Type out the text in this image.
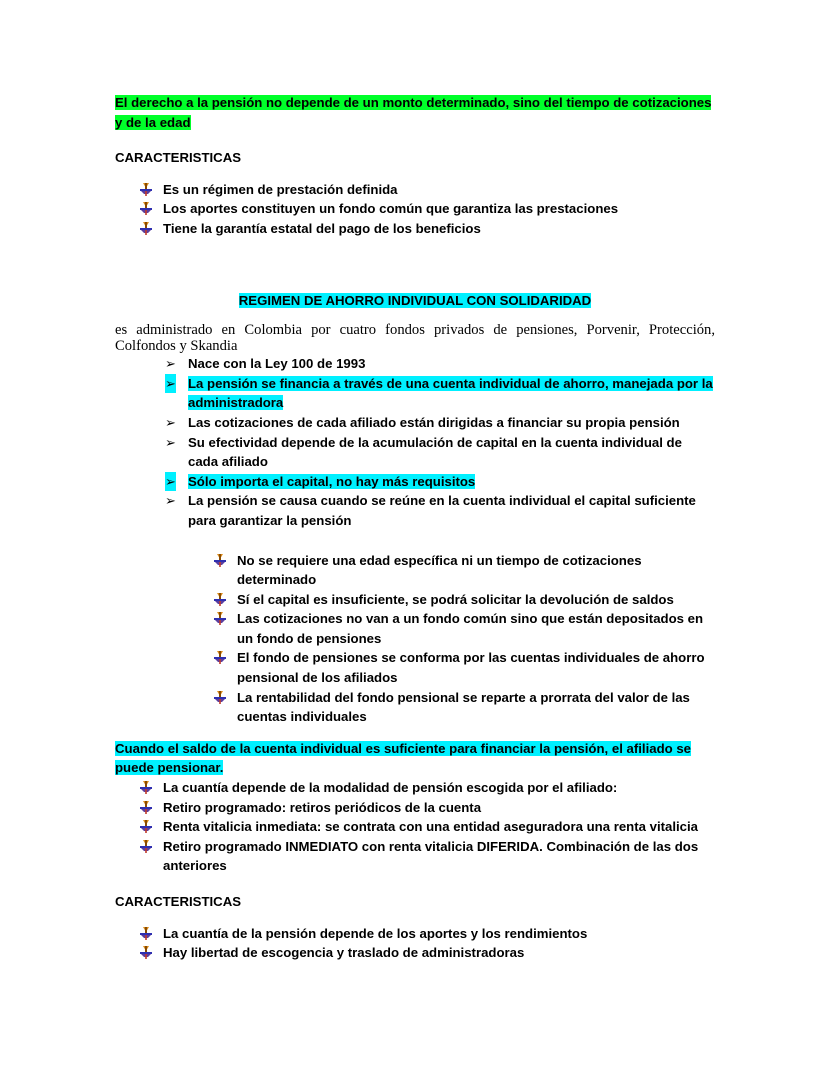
El derecho a la pensión no depende de un monto determinado, sino del tiempo de cotizaciones y de la edad

CARACTERISTICAS

Es un régimen de prestación definida
Los aportes constituyen un fondo común que garantiza las prestaciones
Tiene la garantía estatal del pago de los beneficios

REGIMEN DE AHORRO INDIVIDUAL CON SOLIDARIDAD

es administrado en Colombia por cuatro fondos privados de pensiones, Porvenir, Protección, Colfondos y Skandia

➢ Nace con la Ley 100 de 1993
➢ La pensión se financia a través de una cuenta individual de ahorro, manejada por la administradora
➢ Las cotizaciones de cada afiliado están dirigidas a financiar su propia pensión
➢ Su efectividad depende de la acumulación de capital en la cuenta individual de cada afiliado
➢ Sólo importa el capital, no hay más requisitos
➢ La pensión se causa cuando se reúne en la cuenta individual el capital suficiente para garantizar la pensión
No se requiere una edad específica ni un tiempo de cotizaciones determinado
Sí el capital es insuficiente, se podrá solicitar la devolución de saldos
Las cotizaciones no van a un fondo común sino que están depositados en un fondo de pensiones
El fondo de pensiones se conforma por las cuentas individuales de ahorro pensional de los afiliados
La rentabilidad del fondo pensional se reparte a prorrata del valor de las cuentas individuales

Cuando el saldo de la cuenta individual es suficiente para financiar la pensión, el afiliado se puede pensionar.

La cuantía depende de la modalidad de pensión escogida por el afiliado:
Retiro programado: retiros periódicos de la cuenta
Renta vitalicia inmediata: se contrata con una entidad aseguradora una renta vitalicia
Retiro programado INMEDIATO con renta vitalicia DIFERIDA. Combinación de las dos anteriores

CARACTERISTICAS

La cuantía de la pensión depende de los aportes y los rendimientos
Hay libertad de escogencia y traslado de administradoras
